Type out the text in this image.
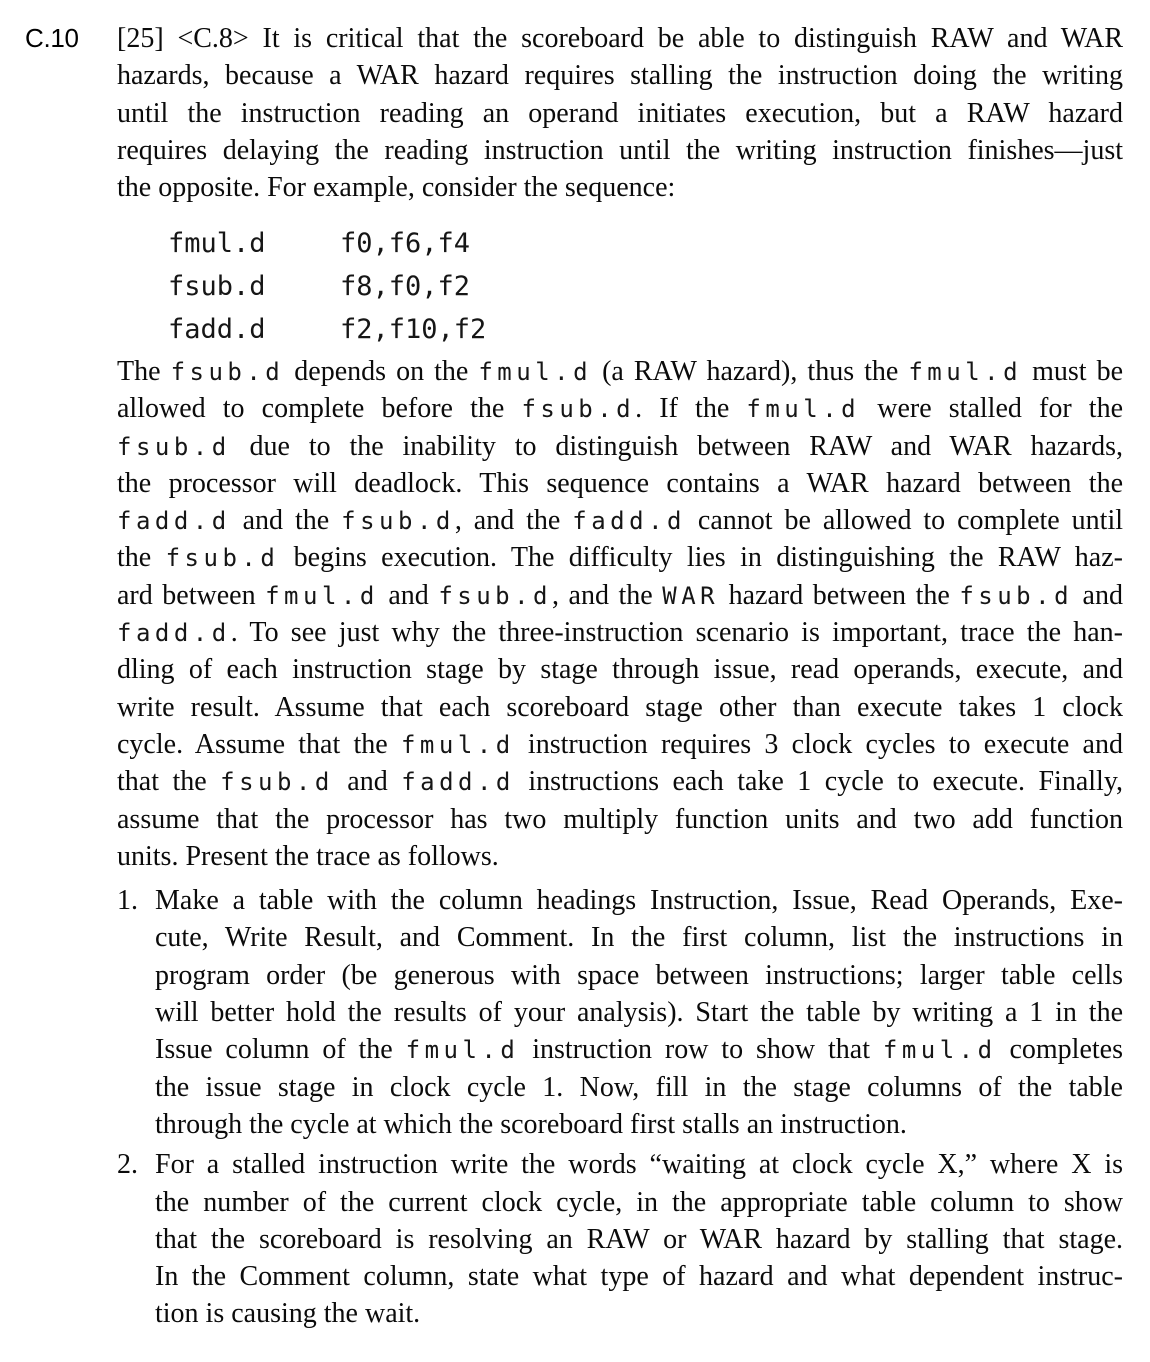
C.10 [25] <C.8> It is critical that the scoreboard be able to distinguish RAW and WAR
hazards, because a WAR hazard requires stalling the instruction doing the writing
until the instruction reading an operand initiates execution, but a RAW hazard
requires delaying the reading instruction until the writing instruction finishes—just
the opposite. For example, consider the sequence:
fmul.d	f0,f6,f4
fsub.d	f8,f0,f2
fadd.d	f2,f10,f2
The fsub.d depends on the fmul.d (a RAW hazard), thus the fmul.d must be
allowed to complete before the fsub.d. If the fmul.d were stalled for the
fsub.d due to the inability to distinguish between RAW and WAR hazards,
the processor will deadlock. This sequence contains a WAR hazard between the
fadd.d and the fsub.d, and the fadd.d cannot be allowed to complete until
the fsub.d begins execution. The difficulty lies in distinguishing the RAW haz-
ard between fmul.d and fsub.d, and the WAR hazard between the fsub.d and
fadd.d. To see just why the three-instruction scenario is important, trace the han-
dling of each instruction stage by stage through issue, read operands, execute, and
write result. Assume that each scoreboard stage other than execute takes 1 clock
cycle. Assume that the fmul.d instruction requires 3 clock cycles to execute and
that the fsub.d and fadd.d instructions each take 1 cycle to execute. Finally,
assume that the processor has two multiply function units and two add function
units. Present the trace as follows.
1. Make a table with the column headings Instruction, Issue, Read Operands, Exe-
cute, Write Result, and Comment. In the first column, list the instructions in
program order (be generous with space between instructions; larger table cells
will better hold the results of your analysis). Start the table by writing a 1 in the
Issue column of the fmul.d instruction row to show that fmul.d completes
the issue stage in clock cycle 1. Now, fill in the stage columns of the table
through the cycle at which the scoreboard first stalls an instruction.
2. For a stalled instruction write the words “waiting at clock cycle X,” where X is
the number of the current clock cycle, in the appropriate table column to show
that the scoreboard is resolving an RAW or WAR hazard by stalling that stage.
In the Comment column, state what type of hazard and what dependent instruc-
tion is causing the wait.
